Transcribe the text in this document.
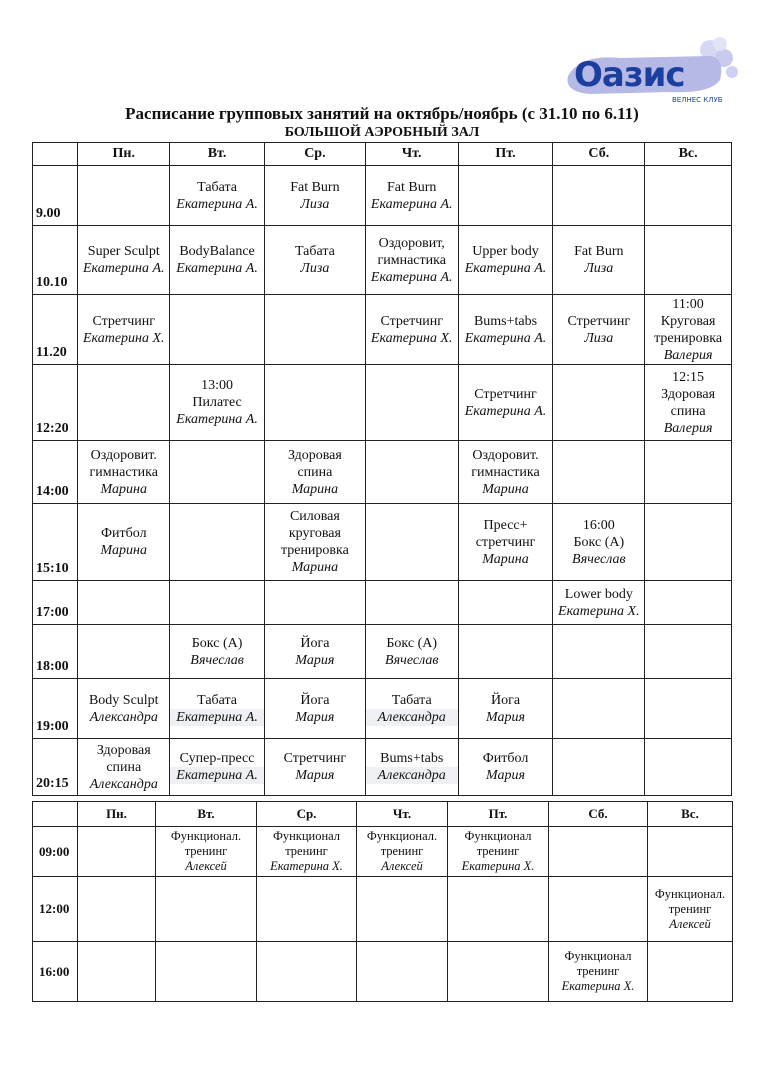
Оазис
ВЕЛНЕС КЛУБ
Расписание групповых занятий на октябрь/ноябрь (с 31.10 по 6.11)
БОЛЬШОЙ АЭРОБНЫЙ ЗАЛ
	Пн.	Вт.	Ср.	Чт.	Пт.	Сб.	Вс.
9.00		Табата
Екатерина А.	Fat Burn
Лиза	Fat Burn
Екатерина А.			

10.10	Super Sculpt
Екатерина А.	BodyBalance
Екатерина А.	Табата
Лиза	Оздоровит,
гимнастика
Екатерина А.	Upper body
Екатерина А.	Fat Burn
Лиза	

11.20	Стретчинг
Екатерина Х.			Стретчинг
Екатерина Х.	Bums+tabs
Екатерина А.	Стретчинг
Лиза	11:00
Круговая
тренировка
Валерия

12:20		13:00
Пилатес
Екатерина А.			Стретчинг
Екатерина А.		12:15
Здоровая
спина
Валерия

14:00	Оздоровит.
гимнастика
Марина		Здоровая
спина
Марина		Оздоровит.
гимнастика
Марина		

15:10	Фитбол
Марина		Силовая
круговая
тренировка
Марина		Пресс+
стретчинг
Марина	16:00
Бокс (А)
Вячеслав	

17:00						Lower body
Екатерина Х.	

18:00		Бокс (А)
Вячеслав	Йога
Мария	Бокс (А)
Вячеслав			

19:00	Body Sculpt
Александра	Табата
Екатерина А.	Йога
Мария	Табата
Александра	Йога
Мария		

20:15	Здоровая
спина
Александра	Супер-пресс
Екатерина А.	Стретчинг
Мария	Bums+tabs
Александра	Фитбол
Мария		

	Пн.	Вт.	Ср.	Чт.	Пт.	Сб.	Вс.
09:00		Функционал.
тренинг
Алексей	Функционал
тренинг
Екатерина Х.	Функционал.
тренинг
Алексей	Функционал
тренинг
Екатерина Х.		

12:00							Функционал.
тренинг
Алексей

16:00						Функционал
тренинг
Екатерина Х.	
